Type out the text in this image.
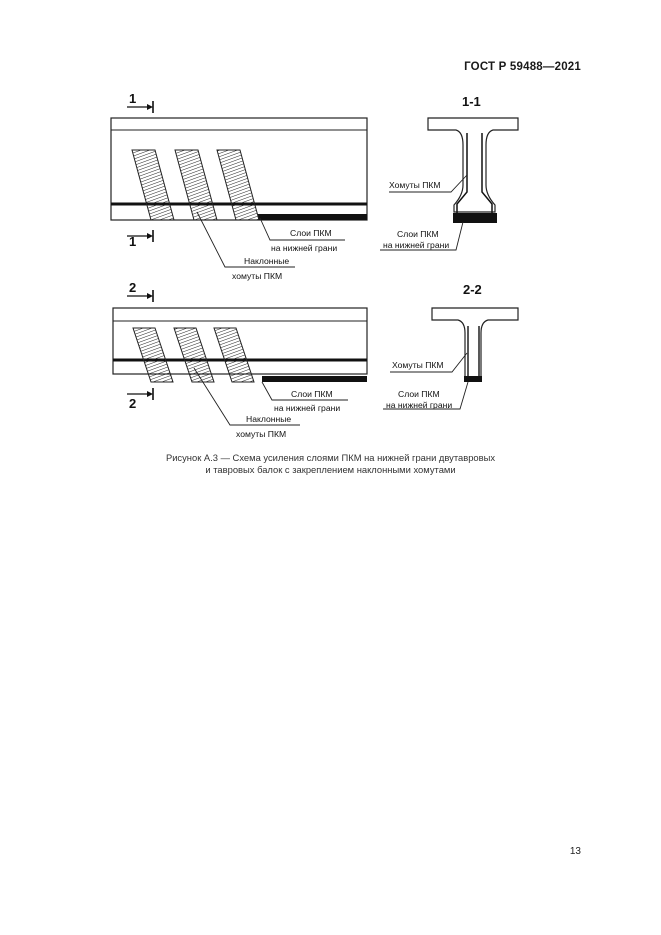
ГОСТ Р 59488—2021
1
1
Слои ПКМ
на нижней грани
Наклонные
хомуты ПКМ
1-1
Хомуты ПКМ
Слои ПКМ
на нижней грани
2
2
Слои ПКМ
на нижней грани
Наклонные
хомуты ПКМ
2-2
Хомуты ПКМ
Слои ПКМ
на нижней грани
Рисунок А.3 — Схема усиления слоями ПКМ на нижней грани двутавровых
и тавровых балок с закреплением наклонными хомутами
13
